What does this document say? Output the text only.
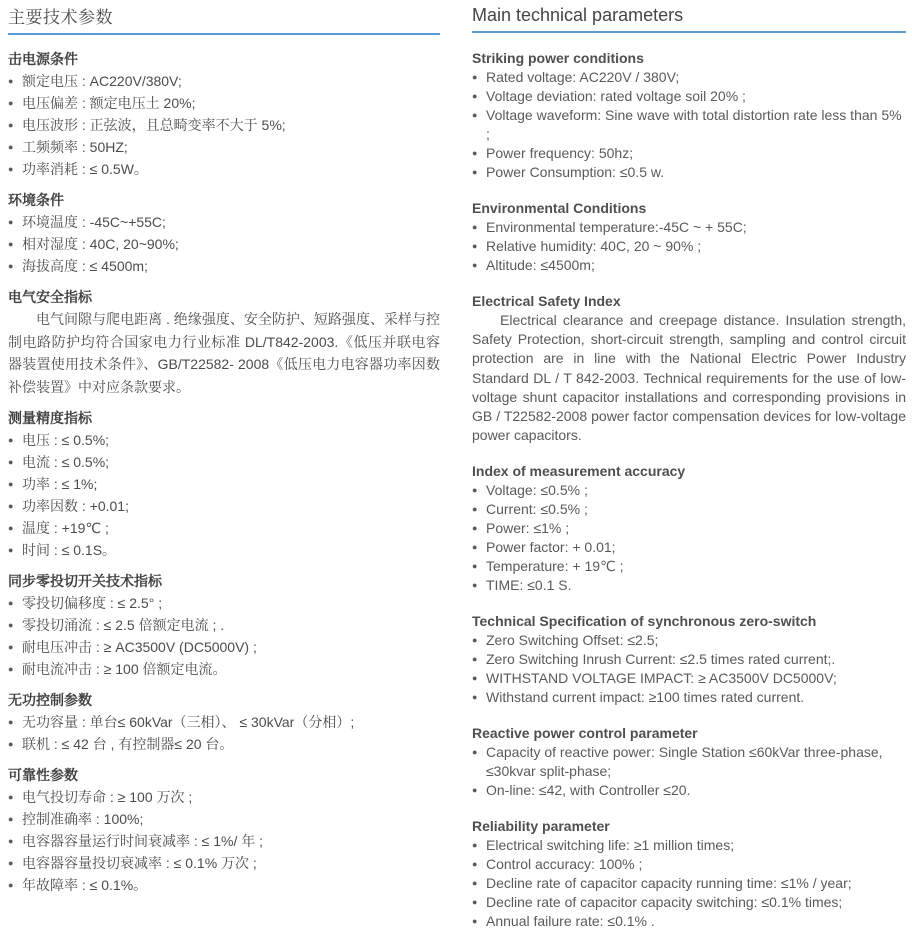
主要技术参数
击电源条件
● 额定电压 : AC220V/380V;
● 电压偏差 : 额定电压土 20%;
● 电压波形 : 正弦波，且总畸变率不大于 5%;
● 工频频率 : 50HZ;
● 功率消耗 : ≤ 0.5W。
环境条件
● 环境温度 : -45C~+55C;
● 相对湿度 : 40C, 20~90%;
● 海拔高度 : ≤ 4500m;
电气安全指标

电气间隙与爬电距离 . 绝缘强度、安全防护、短路强度、采样与控制电路防护均符合国家电力行业标准 DL/T842-2003.《低压并联电容器装置使用技术条件》、GB/T22582- 2008《低压电力电容器功率因数补偿装置》中对应条款要求。

测量精度指标
● 电压 : ≤ 0.5%;
● 电流 : ≤ 0.5%;
● 功率 : ≤ 1%;
● 功率因数 : +0.01;
● 温度 : +19℃ ;
● 时间 : ≤ 0.1S。
同步零投切开关技术指标
● 零投切偏移度 : ≤ 2.5° ;
● 零投切涌流 : ≤ 2.5 倍额定电流 ; .
● 耐电压冲击 : ≥ AC3500V (DC5000V) ;
● 耐电流冲击 : ≥ 100 倍额定电流。
无功控制参数
● 无功容量 : 单台≤ 60kVar（三相）、 ≤ 30kVar（分相）;
● 联机 : ≤ 42 台 , 有控制器≤ 20 台。
可靠性参数
● 电气投切寿命 : ≥ 100 万次 ;
● 控制准确率 : 100%;
● 电容器容量运行时间衰减率 : ≤ 1%/ 年 ;
● 电容器容量投切衰减率 : ≤ 0.1% 万次 ;
● 年故障率 : ≤ 0.1%。
Main technical parameters
Striking power conditions
● Rated voltage: AC220V / 380V;
● Voltage deviation: rated voltage soil 20% ;
● Voltage waveform: Sine wave with total distortion rate less than 5% ;
● Power frequency: 50hz;
● Power Consumption: ≤0.5 w.
Environmental Conditions
● Environmental temperature:-45C ~ + 55C;
● Relative humidity: 40C, 20 ~ 90% ;
● Altitude: ≤4500m;
Electrical Safety Index

Electrical clearance and creepage distance. Insulation strength, Safety Protection, short-circuit strength, sampling and control circuit protection are in line with the National Electric Power Industry Standard DL / T 842-2003. Technical requirements for the use of low-voltage shunt capacitor installations and corresponding provisions in GB / T22582-2008 power factor compensation devices for low-voltage power capacitors.

Index of measurement accuracy
● Voltage: ≤0.5% ;
● Current: ≤0.5% ;
● Power: ≤1% ;
● Power factor: + 0.01;
● Temperature: + 19℃ ;
● TIME: ≤0.1 S.
Technical Specification of synchronous zero-switch
● Zero Switching Offset: ≤2.5;
● Zero Switching Inrush Current: ≤2.5 times rated current;.
● WITHSTAND VOLTAGE IMPACT: ≥ AC3500V DC5000V;
● Withstand current impact: ≥100 times rated current.
Reactive power control parameter
● Capacity of reactive power: Single Station ≤60kVar three-phase, ≤30kvar split-phase;
● On-line: ≤42, with Controller ≤20.
Reliability parameter
● Electrical switching life: ≥1 million times;
● Control accuracy: 100% ;
● Decline rate of capacitor capacity running time: ≤1% / year;
● Decline rate of capacitor capacity switching: ≤0.1% times;
● Annual failure rate: ≤0.1% .
